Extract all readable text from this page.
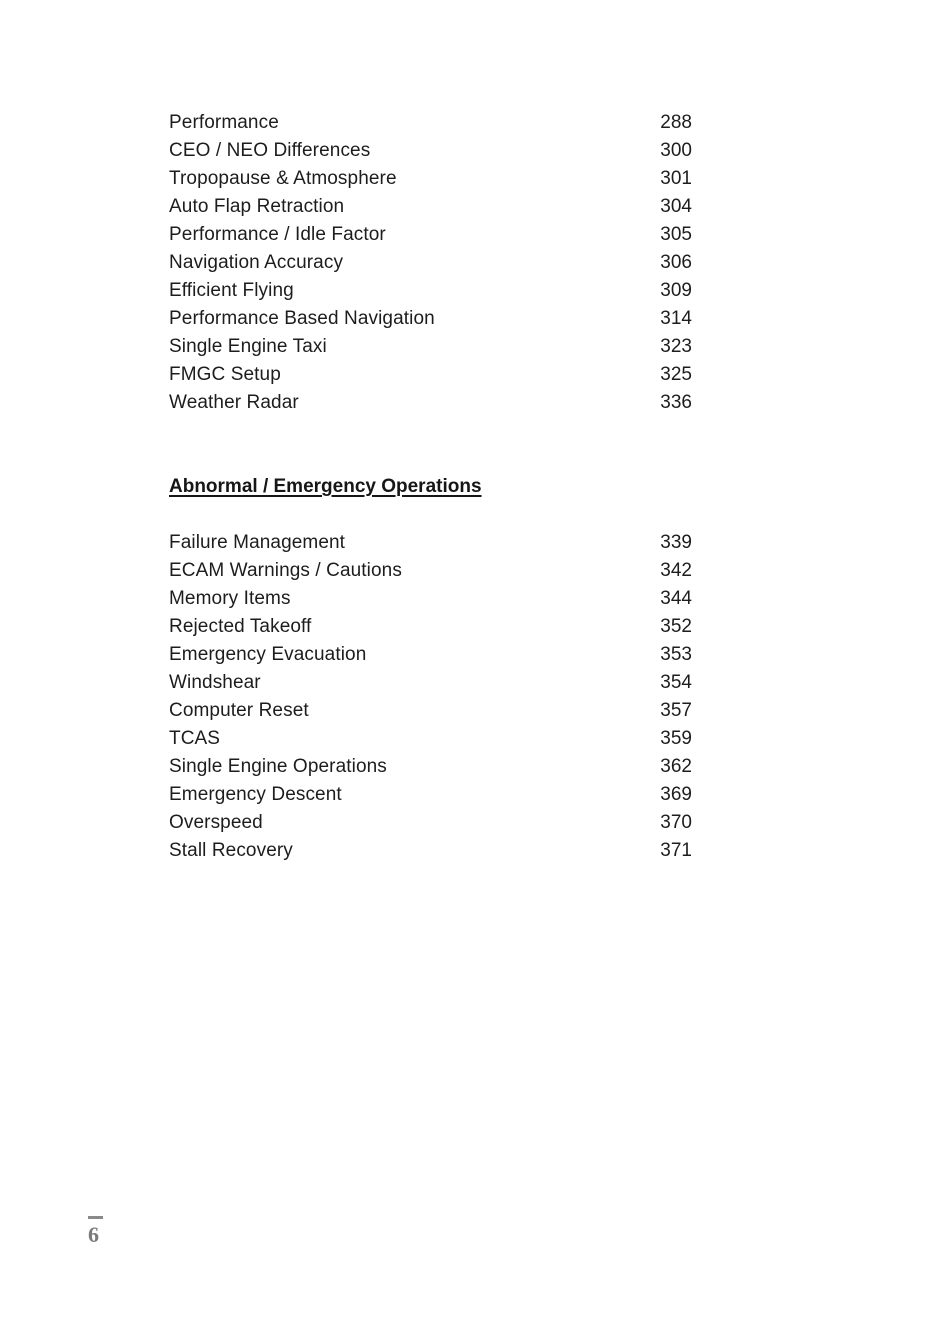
Performance	288
CEO / NEO Differences	300
Tropopause & Atmosphere	301
Auto Flap Retraction	304
Performance / Idle Factor	305
Navigation Accuracy	306
Efficient Flying	309
Performance Based Navigation	314
Single Engine Taxi	323
FMGC Setup	325
Weather Radar	336
Abnormal / Emergency Operations
Failure Management	339
ECAM Warnings / Cautions	342
Memory Items	344
Rejected Takeoff	352
Emergency Evacuation	353
Windshear	354
Computer Reset	357
TCAS	359
Single Engine Operations	362
Emergency Descent	369
Overspeed	370
Stall Recovery	371
6
